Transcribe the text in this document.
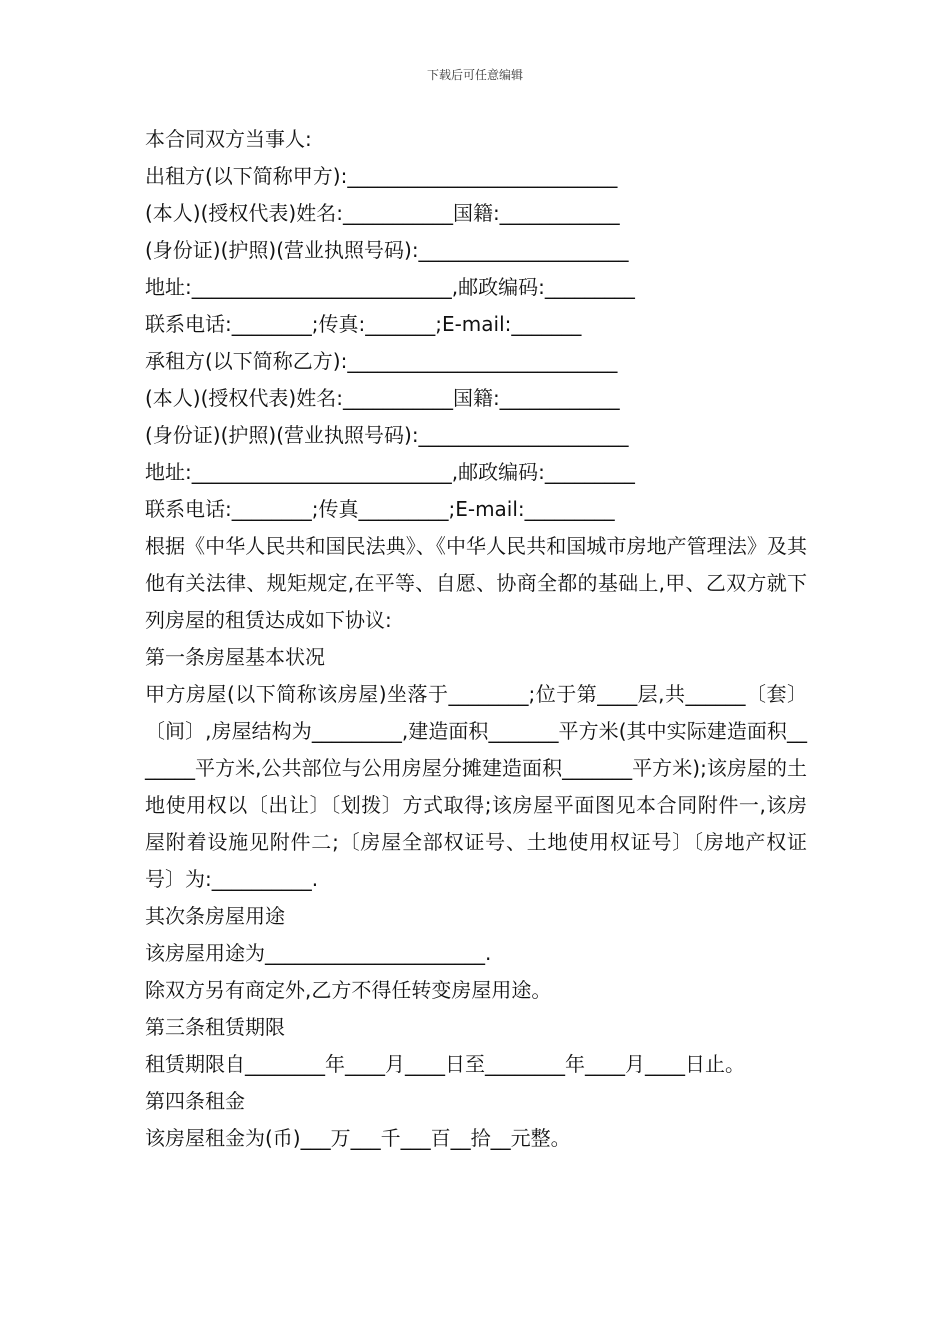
下载后可任意编辑
本合同双方当事人:
出租方(以下简称甲方):___________________________
(本人)(授权代表)姓名:___________国籍:____________
(身份证)(护照)(营业执照号码):_____________________
地址:__________________________,邮政编码:_________
联系电话:________;传真:_______;E-mail:_______
承租方(以下简称乙方):___________________________
(本人)(授权代表)姓名:___________国籍:____________
(身份证)(护照)(营业执照号码):_____________________
地址:__________________________,邮政编码:_________
联系电话:________;传真_________;E-mail:_________
根据《中华人民共和国民法典》、《中华人民共和国城市房地产管理法》及其他有关法律、规矩规定,在平等、自愿、协商全都的基础上,甲、乙双方就下列房屋的租赁达成如下协议:
第一条房屋基本状况
甲方房屋(以下简称该房屋)坐落于________;位于第____层,共______〔套〕〔间〕,房屋结构为_________,建造面积_______平方米(其中实际建造面积_______平方米,公共部位与公用房屋分摊建造面积_______平方米);该房屋的土地使用权以〔出让〕〔划拨〕方式取得;该房屋平面图见本合同附件一,该房屋附着设施见附件二;〔房屋全部权证号、土地使用权证号〕〔房地产权证号〕为:__________.
其次条房屋用途
该房屋用途为______________________.
除双方另有商定外,乙方不得任转变房屋用途。
第三条租赁期限
租赁期限自________年____月____日至________年____月____日止。
第四条租金
该房屋租金为(币)___万___千___百__拾__元整。
